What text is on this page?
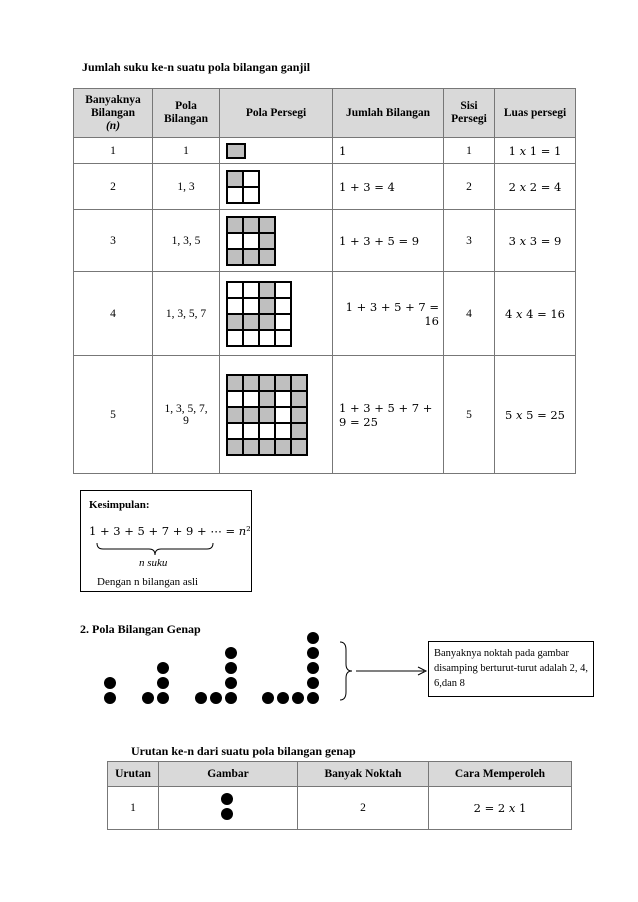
Jumlah suku ke-n suatu pola bilangan ganjil
Banyaknya
Bilangan
(n)	Pola Bilangan	Pola Persegi	Jumlah Bilangan	Sisi Persegi	Luas persegi
1	1		1	1	1 𝑥 1 = 1
2	1, 3		1 + 3 = 4	2	2 𝑥 2 = 4
3	1, 3, 5		1 + 3 + 5 = 9	3	3 𝑥 3 = 9
4	1, 3, 5, 7		1 + 3 + 5 + 7 = 16	4	4 𝑥 4 = 16
5	1, 3, 5, 7, 9		1 + 3 + 5 + 7 + 9 = 25	5	5 𝑥 5 = 25
Kesimpulan:
1 + 3 + 5 + 7 + 9 + ⋯ = 𝑛²
n suku
Dengan n bilangan asli
2. Pola Bilangan Genap
Banyaknya noktah pada gambar disamping berturut-turut adalah 2, 4, 6,dan 8
Urutan ke-n dari suatu pola bilangan genap
Urutan	Gambar	Banyak Noktah	Cara Memperoleh
1		2	2 = 2 𝑥 1
